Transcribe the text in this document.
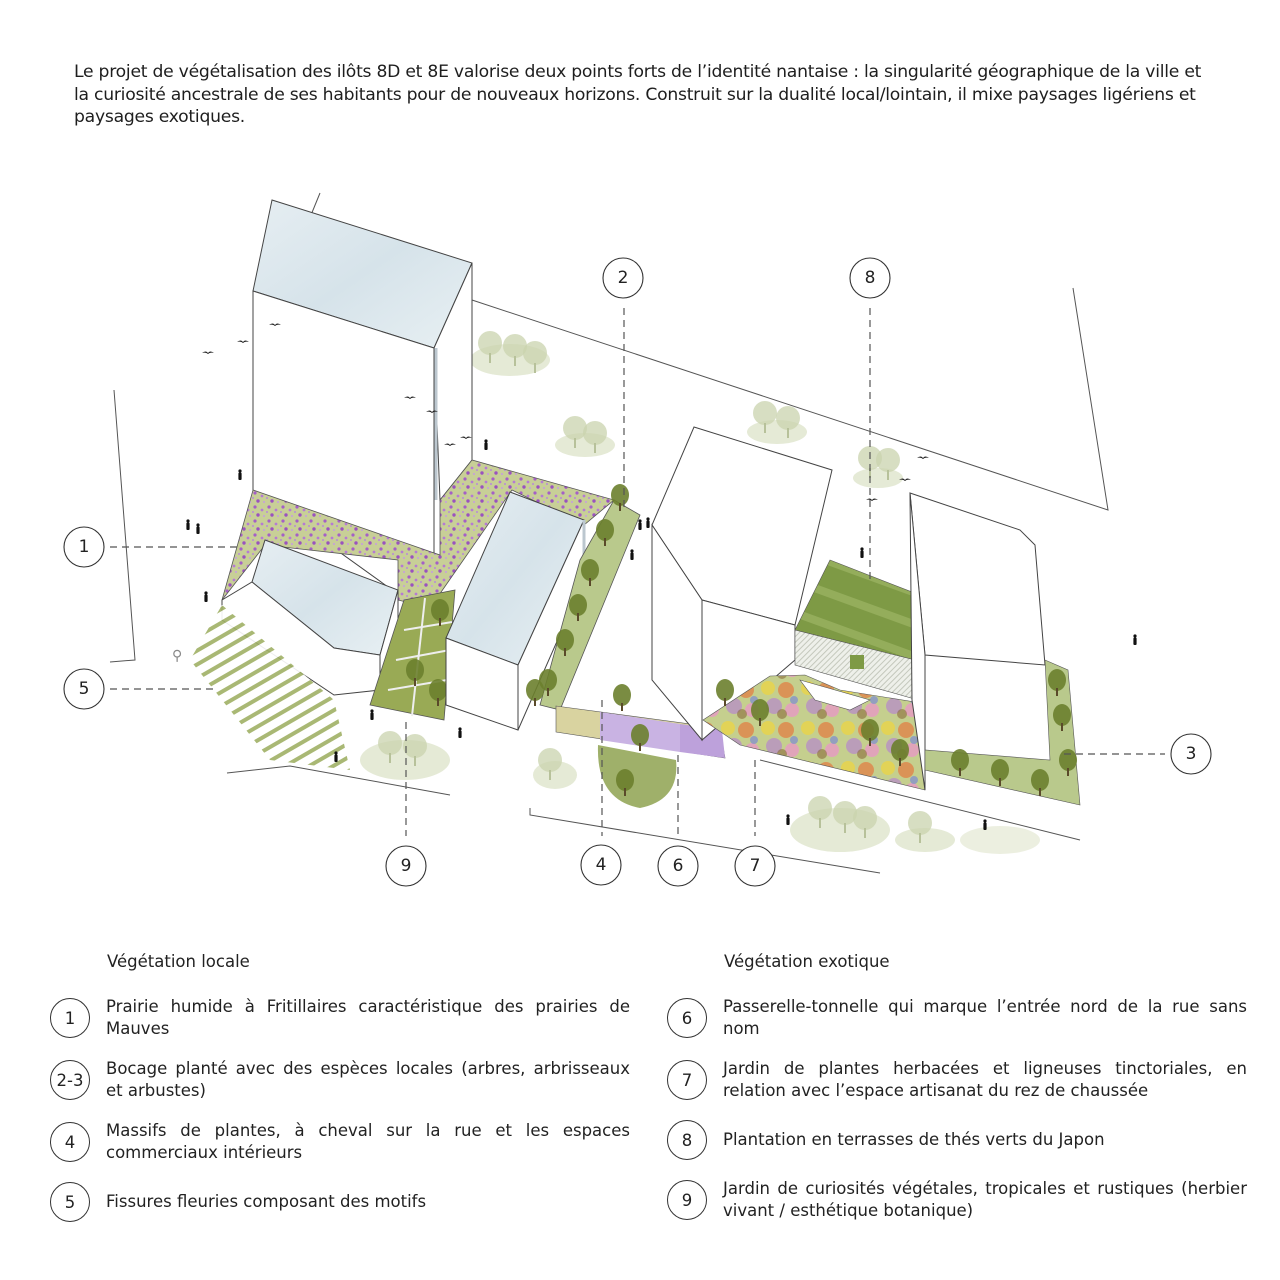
Le projet de végétalisation des ilôts 8D et 8E valorise deux points forts de l’identité nantaise : la singularité géographique de la ville et la curiosité ancestrale de ses habitants pour de nouveaux horizons. Construit sur la dualité local/lointain, il mixe paysages ligériens et paysages exotiques.
⚲
1
2
3
4
5
6	7
8
9
Végétation locale
1
Prairie humide à Fritillaires caractéristique des prairies de Mauves
2-3
Bocage planté avec des espèces locales (arbres, arbrisseaux et arbustes)
4
Massifs de plantes, à cheval sur la rue et les espaces commerciaux intérieurs
5	Fissures fleuries composant des motifs
Végétation exotique
6
Passerelle-tonnelle qui marque l’entrée nord de la rue sans nom
7
Jardin de plantes herbacées et ligneuses tinctoriales, en relation avec l’espace artisanat du rez de chaussée
8	Plantation en terrasses de thés verts du Japon
9
Jardin de curiosités végétales, tropicales et rustiques (herbier vivant / esthétique botanique)
